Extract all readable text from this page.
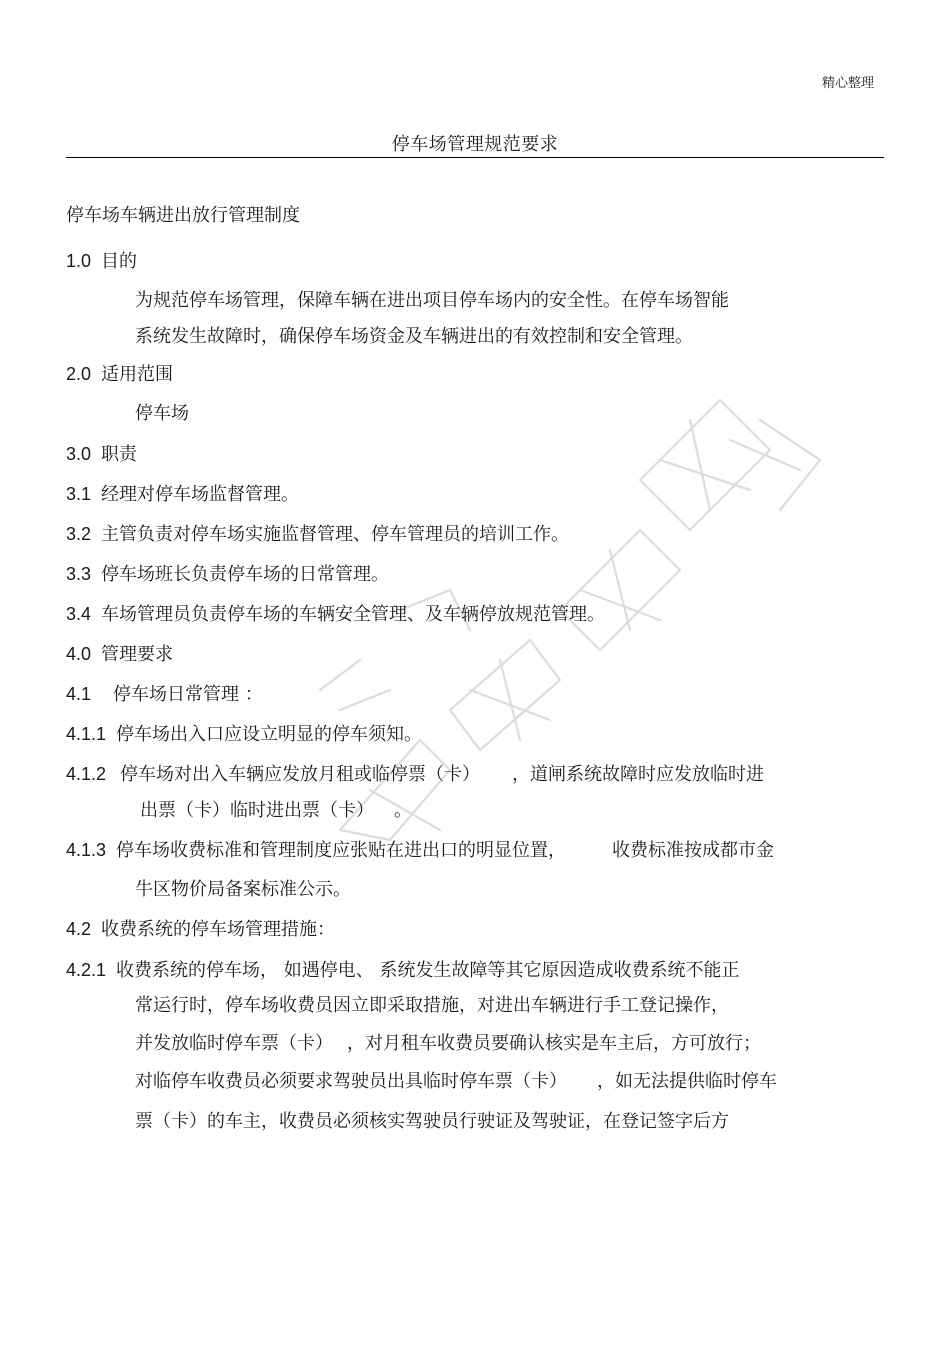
精心整理
停车场管理规范要求
停车场车辆进出放行管理制度
1.0 目的
为规范停车场管理，保障车辆在进出项目停车场内的安全性。在停车场智能
系统发生故障时，确保停车场资金及车辆进出的有效控制和安全管理。
2.0 适用范围
停车场
3.0 职责
3.1 经理对停车场监督管理。
3.2 主管负责对停车场实施监督管理、停车管理员的培训工作。
3.3 停车场班长负责停车场的日常管理。
3.4 车场管理员负责停车场的车辆安全管理、及车辆停放规范管理。
4.0 管理要求
4.1 停车场日常管理 ：
4.1.1 停车场出入口应设立明显的停车须知。
4.1.2 停车场对出入车辆应发放月租或临停票（卡） ，道闸系统故障时应发放临时进
出票（卡）临时进出票（卡） 。
4.1.3 停车场收费标准和管理制度应张贴在进出口的明显位置，	收费标准按成都市金
牛区物价局备案标准公示。
4.2 收费系统的停车场管理措施：
4.2.1 收费系统的停车场， 如遇停电、 系统发生故障等其它原因造成收费系统不能正
常运行时，停车场收费员因立即采取措施，对进出车辆进行手工登记操作，
并发放临时停车票（卡） ，对月租车收费员要确认核实是车主后，方可放行；
对临停车收费员必须要求驾驶员出具临时停车票（卡） ，如无法提供临时停车
票（卡）的车主，收费员必须核实驾驶员行驶证及驾驶证，在登记签字后方
